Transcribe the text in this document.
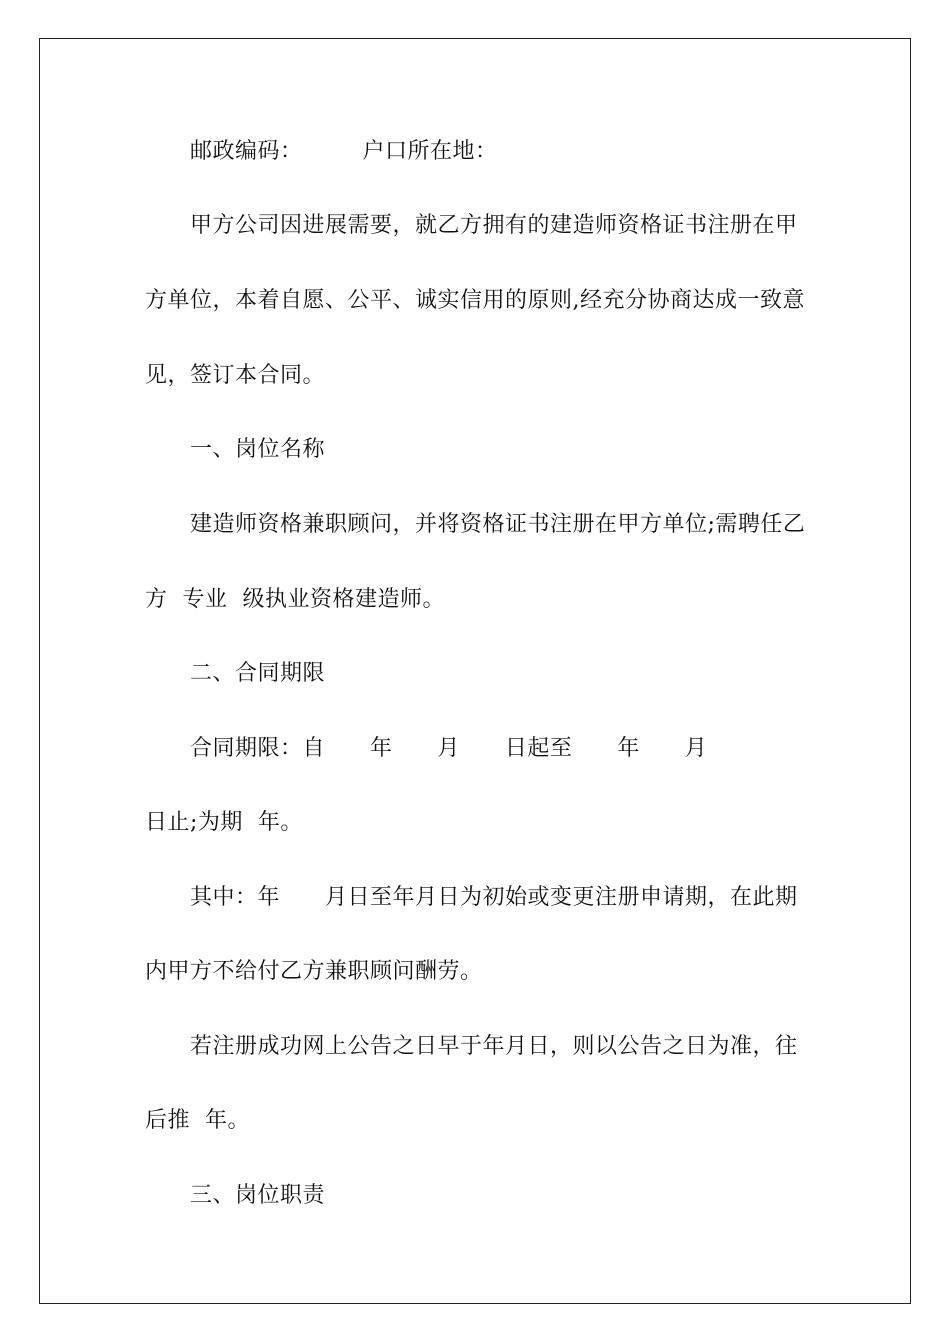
邮政编码：        户口所在地：
甲方公司因进展需要，就乙方拥有的建造师资格证书注册在甲
方单位，本着自愿、公平、诚实信用的原则,经充分协商达成一致意
见，签订本合同。
一、岗位名称
建造师资格兼职顾问，并将资格证书注册在甲方单位;需聘任乙
方  专业  级执业资格建造师。
二、合同期限
合同期限：自      年      月      日起至      年      月
日止;为期  年。
其中：年      月日至年月日为初始或变更注册申请期，在此期
内甲方不给付乙方兼职顾问酬劳。
若注册成功网上公告之日早于年月日，则以公告之日为准，往
后推  年。
三、岗位职责
